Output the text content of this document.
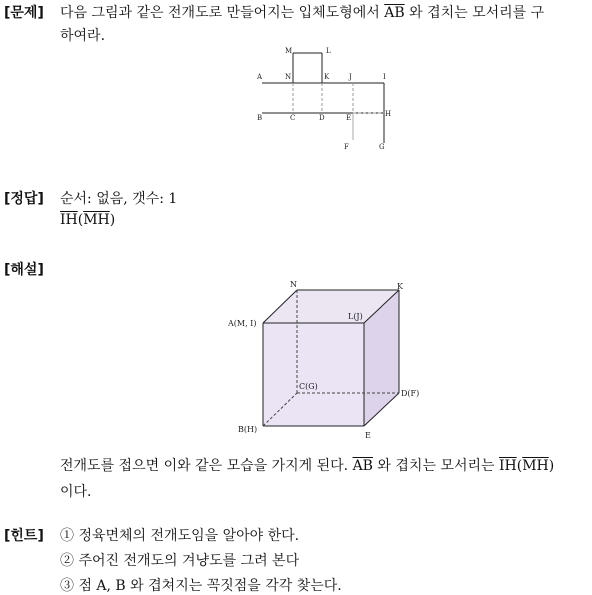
[문제] 다음 그림과 같은 전개도로 만들어지는 입체도형에서 $\overline{AB}$ 와 겹치는 모서리를 구
하여라.
M	L
A	N	K	J	I
B	C	D	E	H
F	G
[정답] 순서: 없음, 갯수: 1
$\overline{IH}(\overline{MH})$
[해설]
N	K
A(M, I)
L(J)
C(G)
D(F)
B(H)
E
전개도를 접으면 이와 같은 모습을 가지게 된다. $\overline{AB}$ 와 겹치는 모서리는 $\overline{IH}(\overline{MH})$
이다.
[힌트] ① 정육면체의 전개도임을 알아야 한다.
② 주어진 전개도의 겨냥도를 그려 본다
③ 점 A, B 와 겹쳐지는 꼭짓점을 각각 찾는다.
